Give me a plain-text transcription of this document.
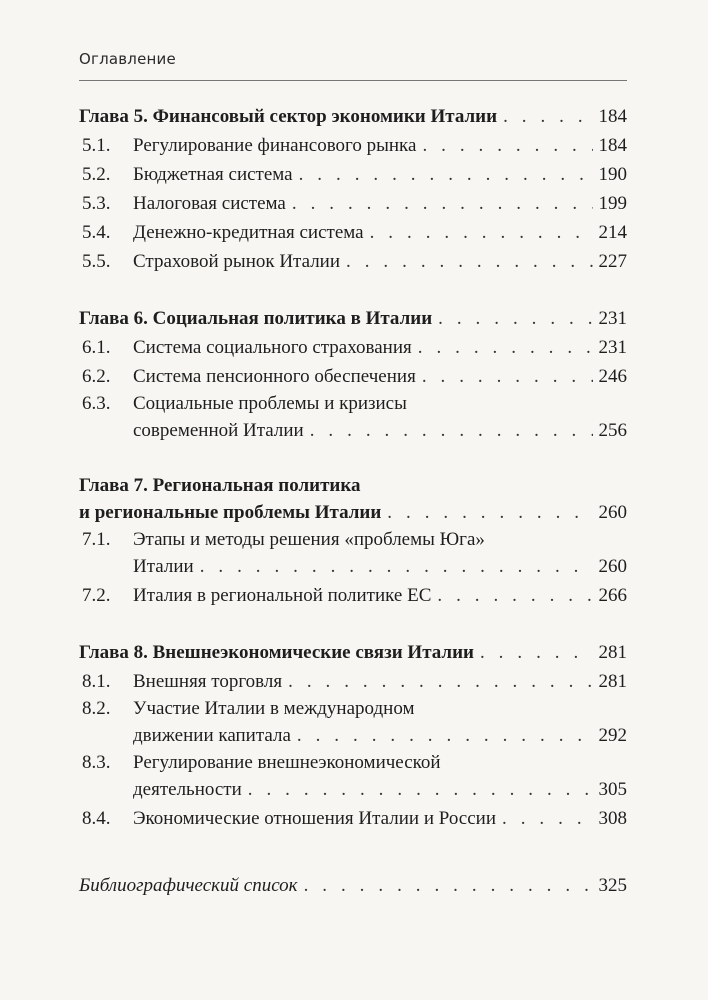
Оглавление
Глава 5. Финансовый сектор экономики Италии . . .	184
5.1.	Регулирование финансового рынка . . .	184
5.2.	Бюджетная система . . .	190
5.3.	Налоговая система . . .	199
5.4.	Денежно-кредитная система . . .	214
5.5.	Страховой рынок Италии . . .	227
Глава 6. Социальная политика в Италии . . .	231
6.1.	Система социального страхования . . .	231
6.2.	Система пенсионного обеспечения . . .	246
6.3.	Социальные проблемы и кризисы
современной Италии . . .	256
Глава 7. Региональная политика
и региональные проблемы Италии . . .	260
7.1.	Этапы и методы решения «проблемы Юга»
Италии . . .	260
7.2.	Италия в региональной политике ЕС . . .	266
Глава 8. Внешнеэкономические связи Италии . . .	281
8.1.	Внешняя торговля . . .	281
8.2.	Участие Италии в международном
движении капитала . . .	292
8.3.	Регулирование внешнеэкономической
деятельности . . .	305
8.4.	Экономические отношения Италии и России . . .	308
Библиографический список . . .	325
